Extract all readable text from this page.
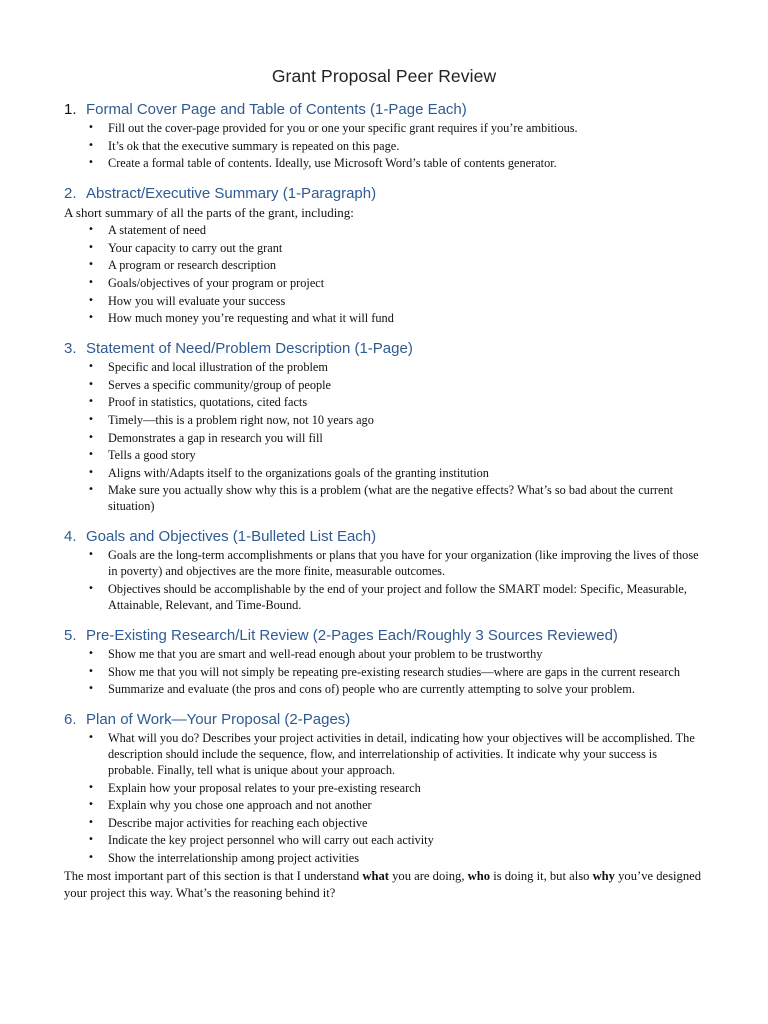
Grant Proposal Peer Review
1. Formal Cover Page and Table of Contents (1-Page Each)
• Fill out the cover-page provided for you or one your specific grant requires if you’re ambitious.
• It’s ok that the executive summary is repeated on this page.
• Create a formal table of contents. Ideally, use Microsoft Word’s table of contents generator.
2. Abstract/Executive Summary (1-Paragraph)

A short summary of all the parts of the grant, including:

• A statement of need
• Your capacity to carry out the grant
• A program or research description
• Goals/objectives of your program or project
• How you will evaluate your success
• How much money you’re requesting and what it will fund
3. Statement of Need/Problem Description (1-Page)
• Specific and local illustration of the problem
• Serves a specific community/group of people
• Proof in statistics, quotations, cited facts
• Timely—this is a problem right now, not 10 years ago
• Demonstrates a gap in research you will fill
• Tells a good story
• Aligns with/Adapts itself to the organizations goals of the granting institution
• Make sure you actually show why this is a problem (what are the negative effects? What’s so bad about the current situation)
4. Goals and Objectives (1-Bulleted List Each)
• Goals are the long-term accomplishments or plans that you have for your organization (like improving the lives of those in poverty) and objectives are the more finite, measurable outcomes.
• Objectives should be accomplishable by the end of your project and follow the SMART model: Specific, Measurable, Attainable, Relevant, and Time-Bound.
5. Pre-Existing Research/Lit Review (2-Pages Each/Roughly 3 Sources Reviewed)
• Show me that you are smart and well-read enough about your problem to be trustworthy
• Show me that you will not simply be repeating pre-existing research studies—where are gaps in the current research
• Summarize and evaluate (the pros and cons of) people who are currently attempting to solve your problem.
6. Plan of Work—Your Proposal (2-Pages)
• What will you do? Describes your project activities in detail, indicating how your objectives will be accomplished. The description should include the sequence, flow, and interrelationship of activities. It indicate why your success is probable. Finally, tell what is unique about your approach.
• Explain how your proposal relates to your pre-existing research
• Explain why you chose one approach and not another
• Describe major activities for reaching each objective
• Indicate the key project personnel who will carry out each activity
• Show the interrelationship among project activities

The most important part of this section is that I understand what you are doing, who is doing it, but also why you’ve designed your project this way. What’s the reasoning behind it?
